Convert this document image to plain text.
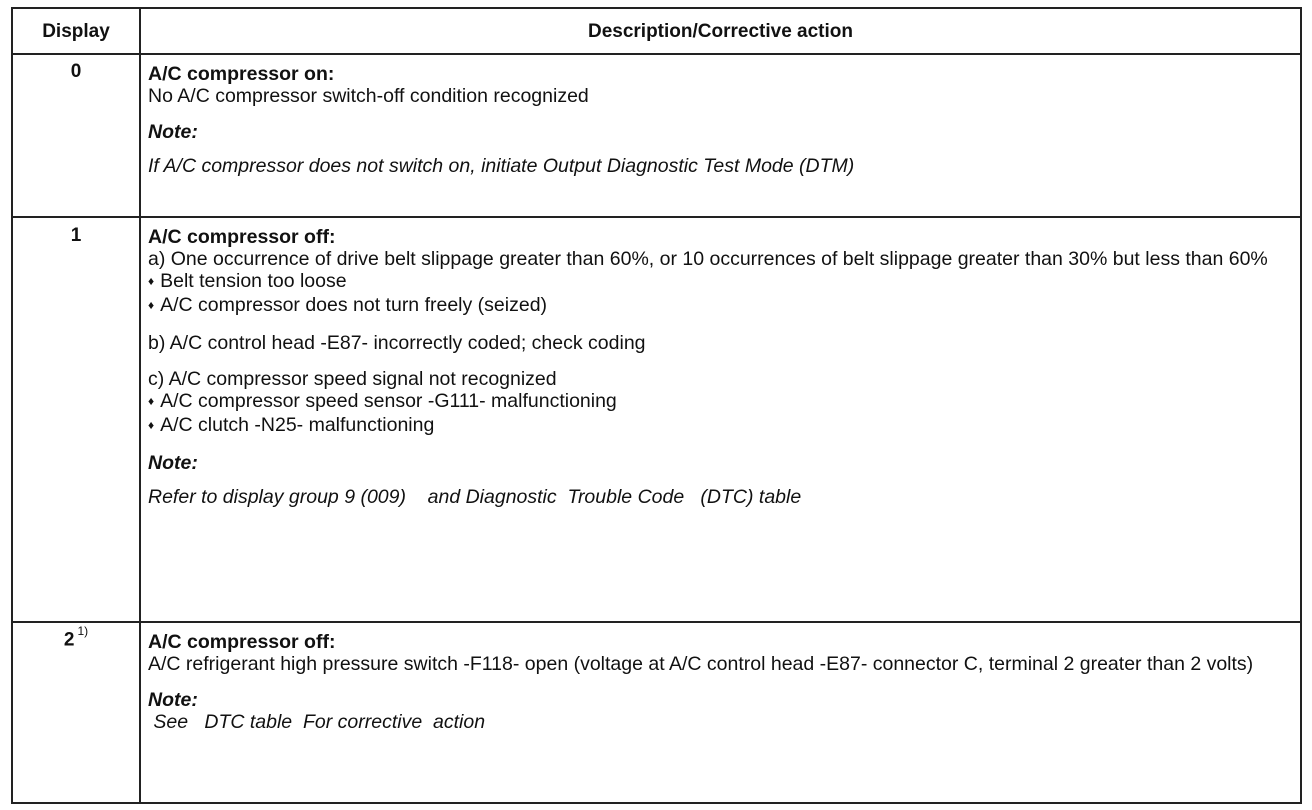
Display	Description/Corrective action
0	A/C compressor on:

No A/C compressor switch-off condition recognized

Note:

If A/C compressor does not switch on, initiate Output Diagnostic Test Mode (DTM)

1	A/C compressor off:

a) One occurrence of drive belt slippage greater than 60%, or 10 occurrences of belt slippage greater than 30% but less than 60%

♦ Belt tension too loose

♦ A/C compressor does not turn freely (seized)

b) A/C control head -E87- incorrectly coded; check coding

c) A/C compressor speed signal not recognized

♦ A/C compressor speed sensor -G111- malfunctioning

♦ A/C clutch -N25- malfunctioning

Note:

Refer to display group 9 (009)    and Diagnostic  Trouble Code   (DTC) table

2 $^{1)}$	A/C compressor off:

A/C refrigerant high pressure switch -F118- open (voltage at A/C control head -E87- connector C, terminal 2 greater than 2 volts)

Note:

See   DTC table  For corrective  action
